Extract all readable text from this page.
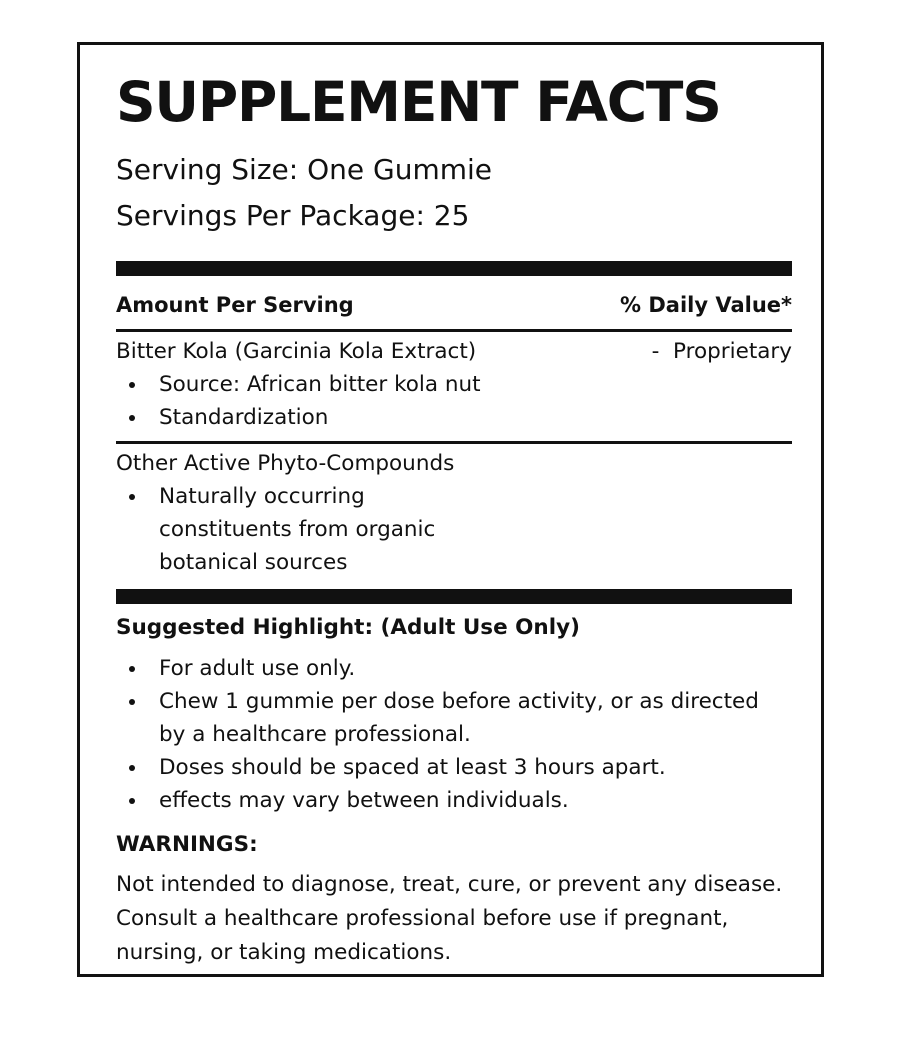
SUPPLEMENT FACTS

Serving Size: One Gummie

Servings Per Package: 25

Amount Per Serving	% Daily Value*
Bitter Kola (Garcinia Kola Extract)	-  Proprietary
Source: African bitter kola nut
Standardization
Other Active Phyto-Compounds
Naturally occurring constituents from organic botanical sources
Suggested Highlight: (Adult Use Only)
For adult use only.
Chew 1 gummie per dose before activity, or as directed by a healthcare professional.
Doses should be spaced at least 3 hours apart.
effects may vary between individuals.
WARNINGS:

Not intended to diagnose, treat, cure, or prevent any disease. Consult a healthcare professional before use if pregnant, nursing, or taking medications.
